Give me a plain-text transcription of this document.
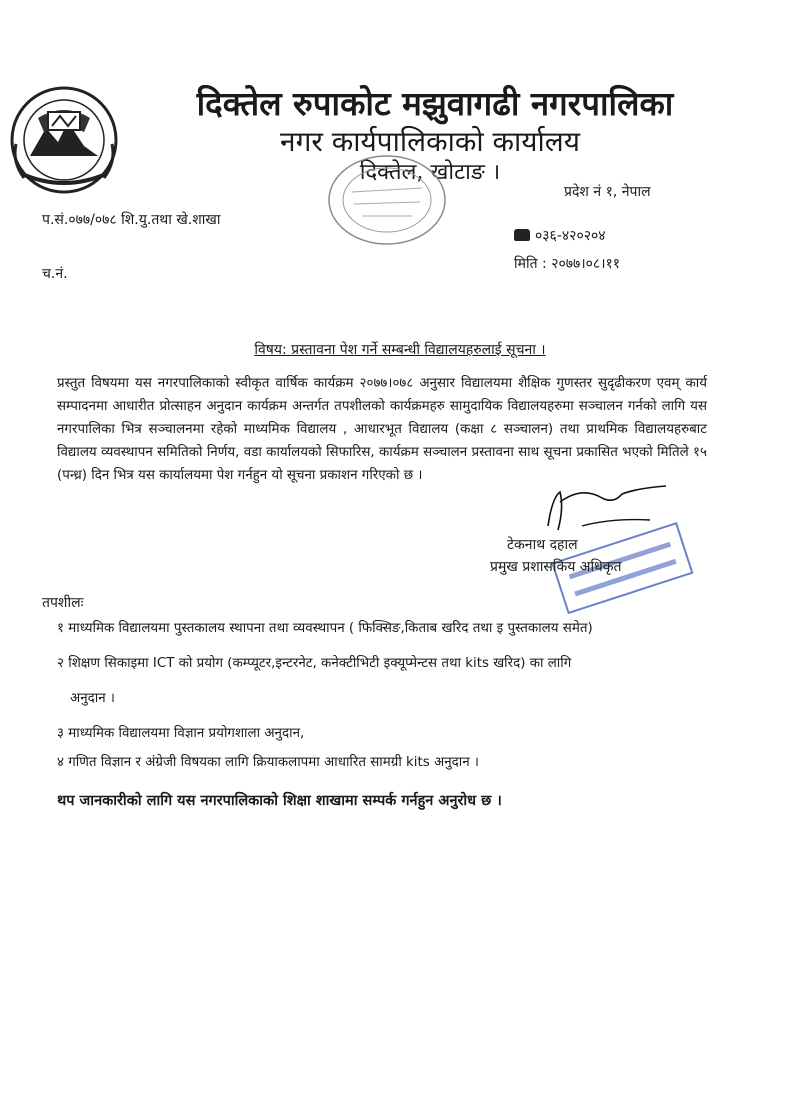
दिक्तेल रुपाकोट मझुवागढी नगरपालिका
नगर कार्यपालिकाको कार्यालय
दिक्तेल, खोटाङ ।
प्रदेश नं १, नेपाल
प.सं.०७७/०७८ शि.यु.तथा खे.शाखा
०३६-४२०२०४
मिति : २०७७।०८।११
च.नं.
विषय: प्रस्तावना पेश गर्ने सम्बन्धी विद्यालयहरुलाई सूचना ।
प्रस्तुत विषयमा यस नगरपालिकाको स्वीकृत वार्षिक कार्यक्रम २०७७।०७८ अनुसार विद्यालयमा शैक्षिक गुणस्तर सुदृढीकरण एवम् कार्य सम्पादनमा आधारीत प्रोत्साहन अनुदान कार्यक्रम अन्तर्गत तपशीलको कार्यक्रमहरु सामुदायिक विद्यालयहरुमा सञ्चालन गर्नको लागि यस नगरपालिका भित्र सञ्चालनमा रहेको माध्यमिक विद्यालय , आधारभूत विद्यालय (कक्षा ८ सञ्चालन) तथा प्राथमिक विद्यालयहरुबाट विद्यालय व्यवस्थापन समितिको निर्णय, वडा कार्यालयको सिफारिस, कार्यक्रम सञ्चालन प्रस्तावना साथ सूचना प्रकासित भएको मितिले १५ (पन्ध्र) दिन भित्र यस कार्यालयमा पेश गर्नहुन यो सूचना प्रकाशन गरिएको छ ।
टेकनाथ दहाल
प्रमुख प्रशासकिय अधिकृत
तपशीलः
१ माध्यमिक विद्यालयमा पुस्तकालय स्थापना तथा व्यवस्थापन ( फिक्सिङ,किताब खरिद तथा इ पुस्तकालय समेत)
२ शिक्षण सिकाइमा ICT को प्रयोग (कम्प्यूटर,इन्टरनेट, कनेक्टीभिटी इक्यूप्मेन्टस तथा kits खरिद) का लागि
अनुदान ।
३ माध्यमिक विद्यालयमा विज्ञान प्रयोगशाला अनुदान,
४ गणित विज्ञान र अंग्रेजी विषयका लागि क्रियाकलापमा आधारित सामग्री kits अनुदान ।
थप जानकारीको लागि यस नगरपालिकाको शिक्षा शाखामा सम्पर्क गर्नहुन अनुरोध छ ।
